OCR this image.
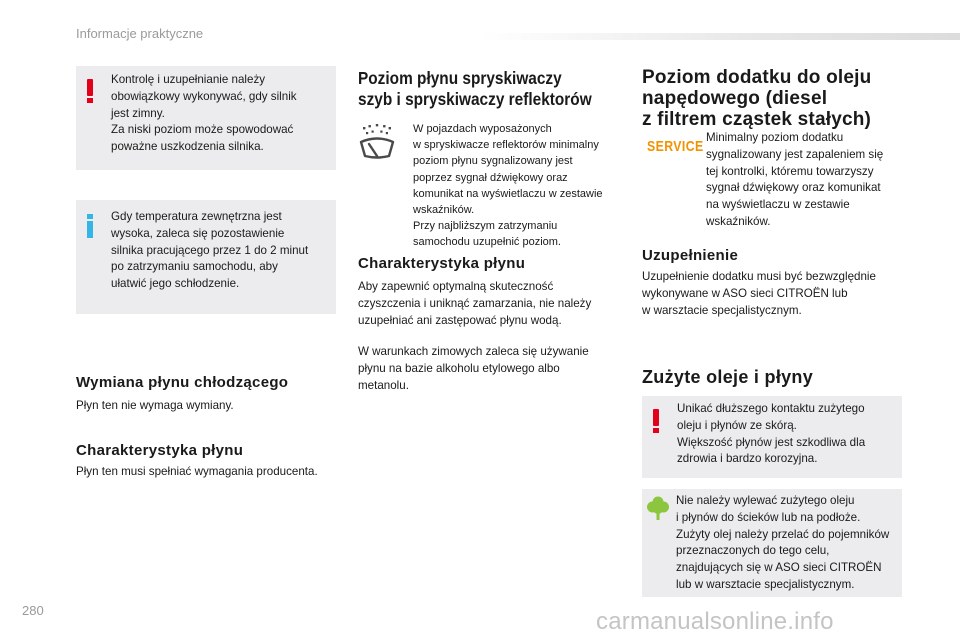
Informacje praktyczne
Kontrolę i uzupełnianie należy
obowiązkowy wykonywać, gdy silnik
jest zimny.
Za niski poziom może spowodować
poważne uszkodzenia silnika.
Gdy temperatura zewnętrzna jest
wysoka, zaleca się pozostawienie
silnika pracującego przez 1 do 2 minut
po zatrzymaniu samochodu, aby
ułatwić jego schłodzenie.
Wymiana płynu chłodzącego
Płyn ten nie wymaga wymiany.
Charakterystyka płynu
Płyn ten musi spełniać wymagania producenta.
Poziom płynu spryskiwaczy
szyb i spryskiwaczy reflektorów
W pojazdach wyposażonych
w spryskiwacze reflektorów minimalny
poziom płynu sygnalizowany jest
poprzez sygnał dźwiękowy oraz
komunikat na wyświetlaczu w zestawie
wskaźników.
Przy najbliższym zatrzymaniu
samochodu uzupełnić poziom.
Charakterystyka płynu
Aby zapewnić optymalną skuteczność
czyszczenia i uniknąć zamarzania, nie należy
uzupełniać ani zastępować płynu wodą.
W warunkach zimowych zaleca się używanie
płynu na bazie alkoholu etylowego albo
metanolu.
Poziom dodatku do oleju
napędowego (diesel
z filtrem cząstek stałych)
SERVICE
Minimalny poziom dodatku
sygnalizowany jest zapaleniem się
tej kontrolki, któremu towarzyszy
sygnał dźwiękowy oraz komunikat
na wyświetlaczu w zestawie
wskaźników.
Uzupełnienie
Uzupełnienie dodatku musi być bezwzględnie
wykonywane w ASO sieci CITROËN lub
w warsztacie specjalistycznym.
Zużyte oleje i płyny
Unikać dłuższego kontaktu zużytego
oleju i płynów ze skórą.
Większość płynów jest szkodliwa dla
zdrowia i bardzo korozyjna.
Nie należy wylewać zużytego oleju
i płynów do ścieków lub na podłoże.
Zużyty olej należy przelać do pojemników
przeznaczonych do tego celu,
znajdujących się w ASO sieci CITROËN
lub w warsztacie specjalistycznym.
280	carmanualsonline.info
